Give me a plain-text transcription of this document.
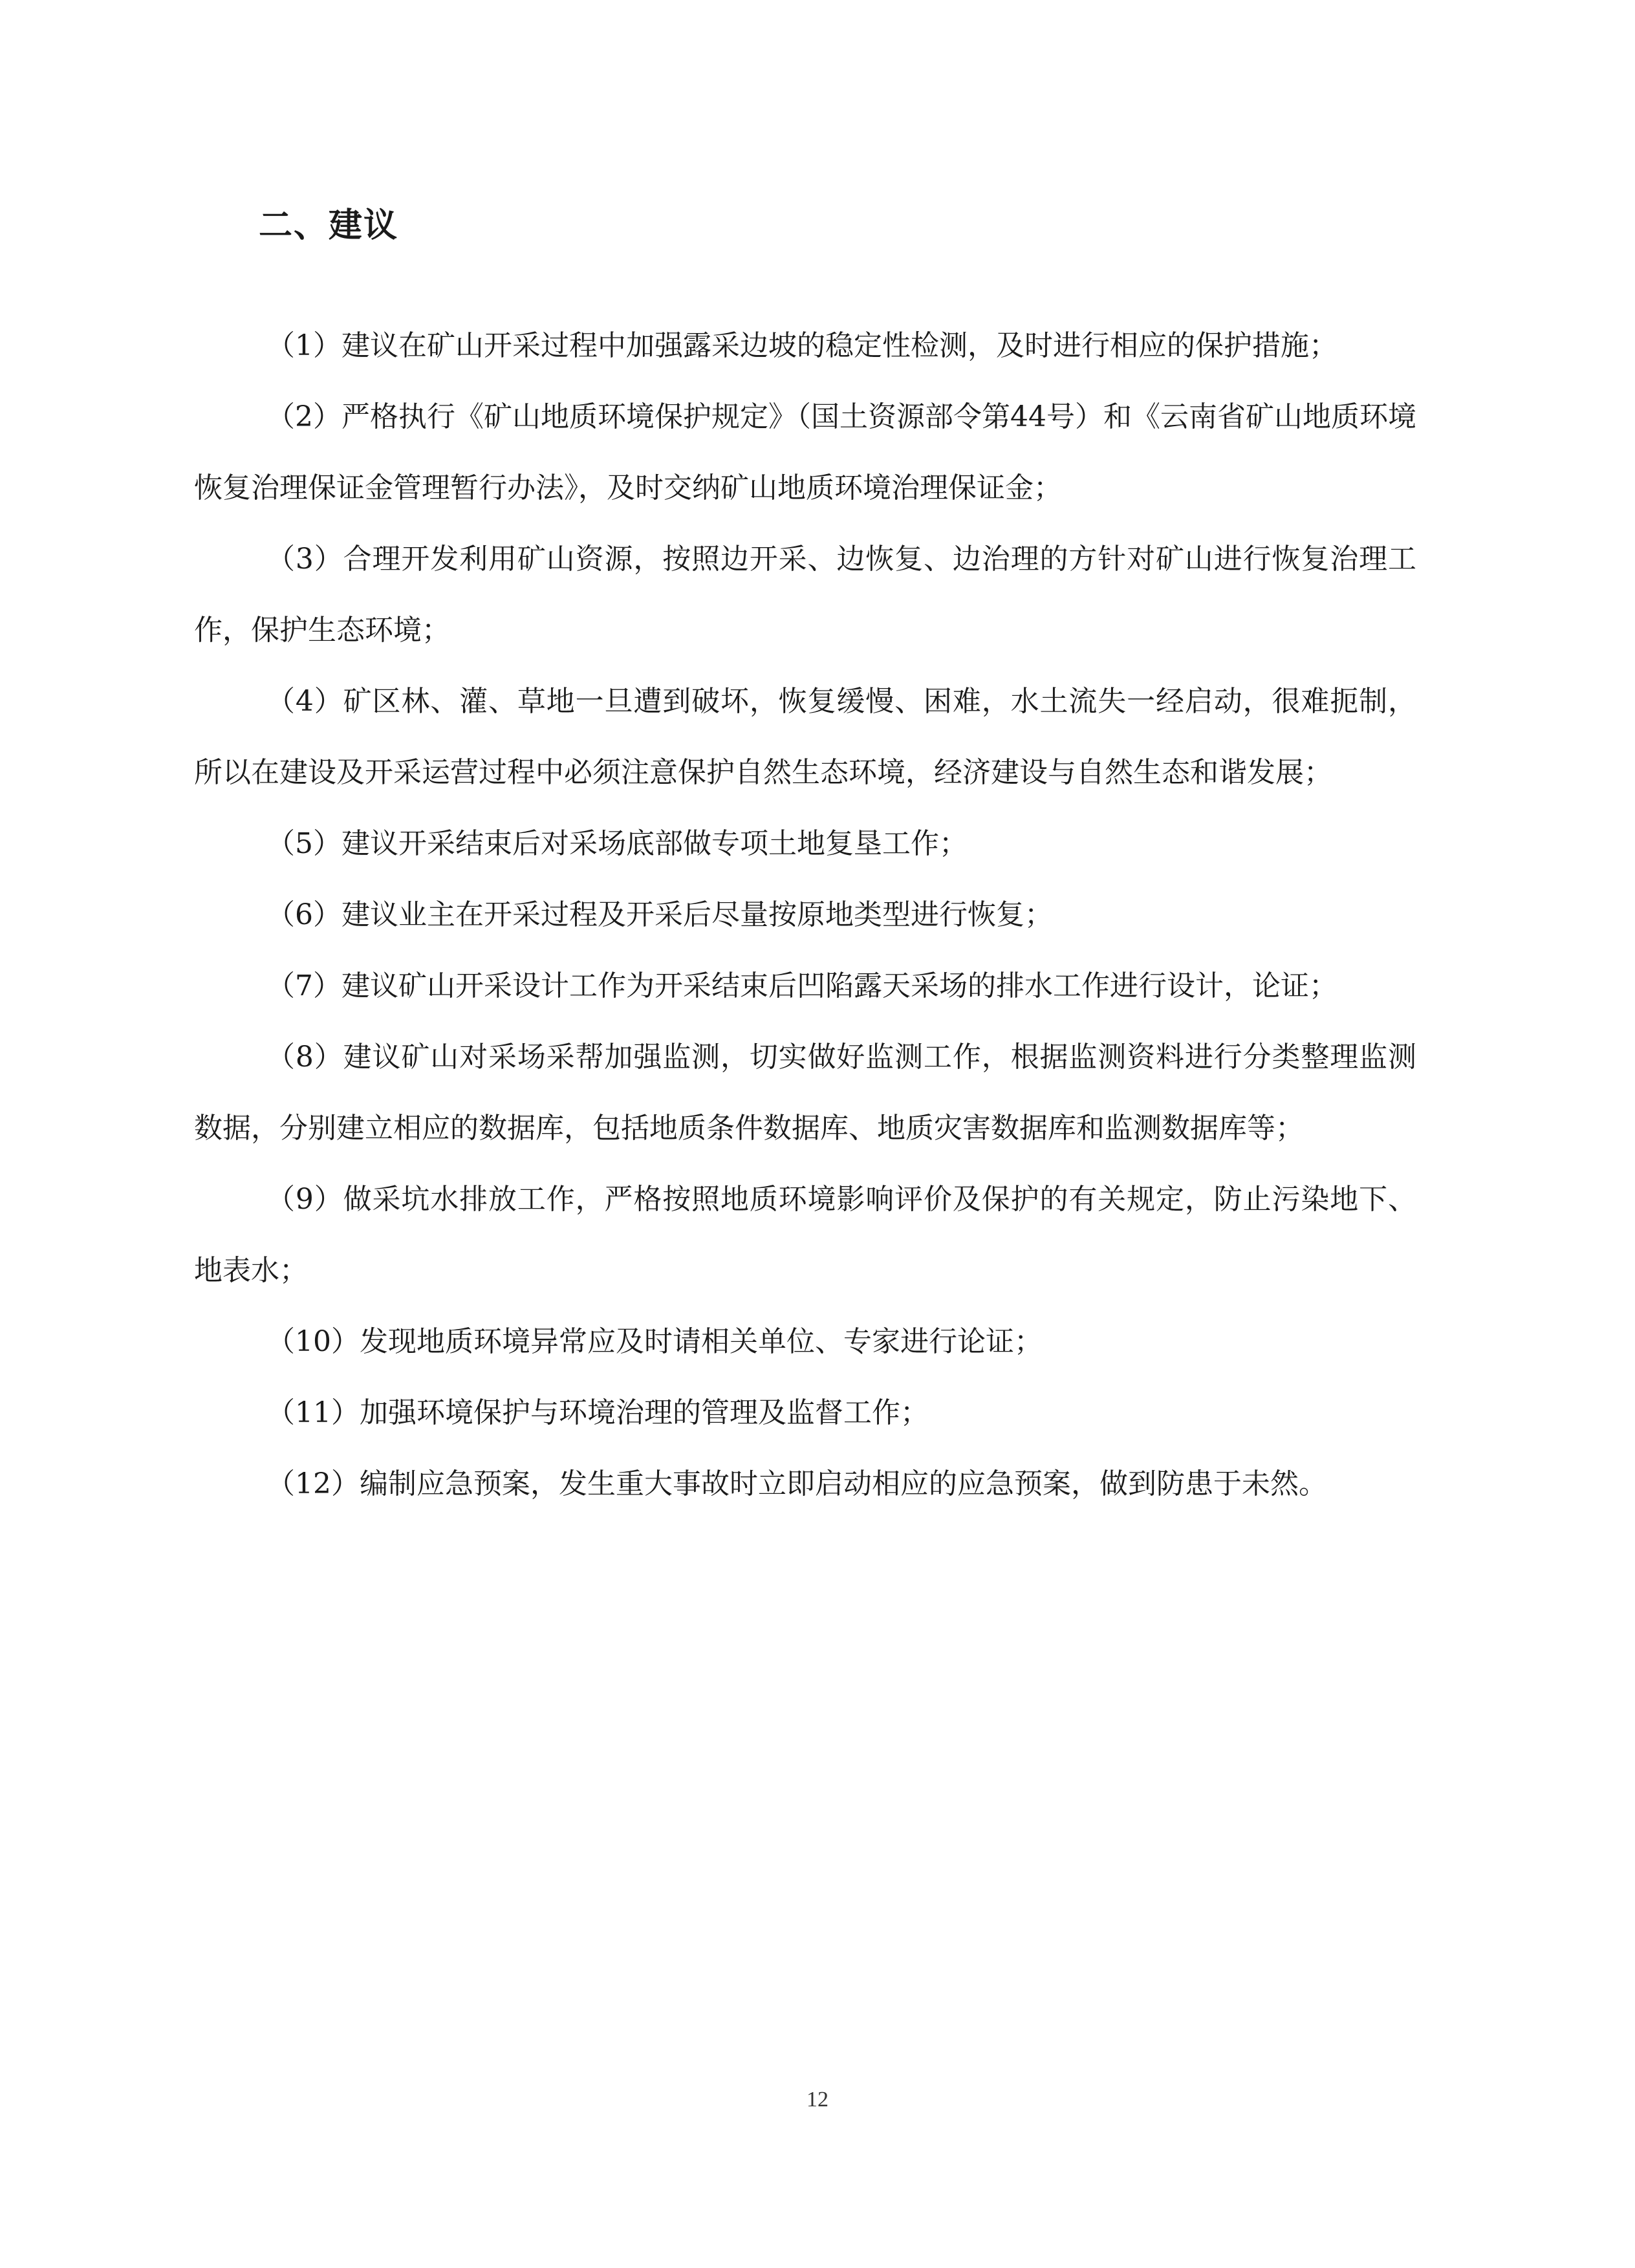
二、建议

（1）建议在矿山开采过程中加强露采边坡的稳定性检测，及时进行相应的保护措施；

（2）严格执行《矿山地质环境保护规定》（国土资源部令第44号）和《云南省矿山地质环境恢复治理保证金管理暂行办法》，及时交纳矿山地质环境治理保证金；

（3）合理开发利用矿山资源，按照边开采、边恢复、边治理的方针对矿山进行恢复治理工作，保护生态环境；

（4）矿区林、灌、草地一旦遭到破坏，恢复缓慢、困难，水土流失一经启动，很难扼制，所以在建设及开采运营过程中必须注意保护自然生态环境，经济建设与自然生态和谐发展；

（5）建议开采结束后对采场底部做专项土地复垦工作；

（6）建议业主在开采过程及开采后尽量按原地类型进行恢复；

（7）建议矿山开采设计工作为开采结束后凹陷露天采场的排水工作进行设计，论证；

（8）建议矿山对采场采帮加强监测，切实做好监测工作，根据监测资料进行分类整理监测数据，分别建立相应的数据库，包括地质条件数据库、地质灾害数据库和监测数据库等；

（9）做采坑水排放工作，严格按照地质环境影响评价及保护的有关规定，防止污染地下、地表水；

（10）发现地质环境异常应及时请相关单位、专家进行论证；

（11）加强环境保护与环境治理的管理及监督工作；

（12）编制应急预案，发生重大事故时立即启动相应的应急预案，做到防患于未然。

12
